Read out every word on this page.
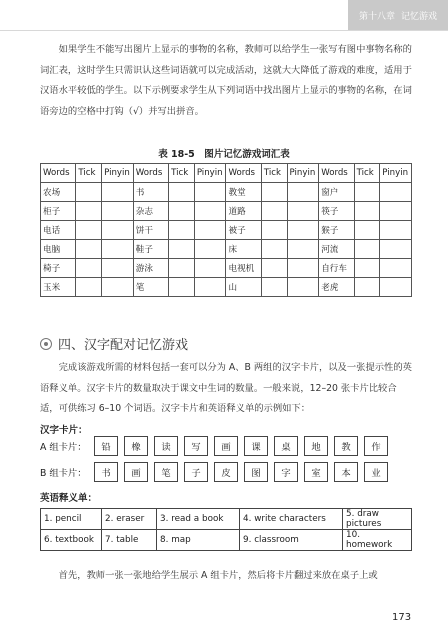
第十八章 记忆游戏

如果学生不能写出图片上显示的事物的名称，教师可以给学生一张写有图中事物名称的词汇表，这时学生只需识认这些词语就可以完成活动，这就大大降低了游戏的难度，适用于汉语水平较低的学生。以下示例要求学生从下列词语中找出图片上显示的事物的名称，在词语旁边的空格中打钩（√）并写出拼音。

表 18-5　图片记忆游戏词汇表
Words	Tick	Pinyin	Words	Tick	Pinyin	Words	Tick	Pinyin	Words	Tick	Pinyin
农场			书			教堂			窗户		
柜子			杂志			道路			筷子		
电话			饼干			被子			猴子		
电脑			鞋子			床			河流		
椅子			游泳			电视机			自行车		
玉米			笔			山			老虎		
四、汉字配对记忆游戏

完成该游戏所需的材料包括一套可以分为 A、B 两组的汉字卡片，以及一张提示性的英语释义单。汉字卡片的数量取决于课文中生词的数量。一般来说，12–20 张卡片比较合适，可供练习 6–10 个词语。汉字卡片和英语释义单的示例如下：

汉字卡片：
A 组卡片：	铅	橡	读	写	画	课	桌	地	教	作
B 组卡片：	书	画	笔	子	皮	图	字	室	本	业
英语释义单：
1. pencil	2. eraser	3. read a book	4. write characters	5. draw pictures
6. textbook	7. table	8. map	9. classroom	10. homework

首先，教师一张一张地给学生展示 A 组卡片，然后将卡片翻过来放在桌子上或

173
